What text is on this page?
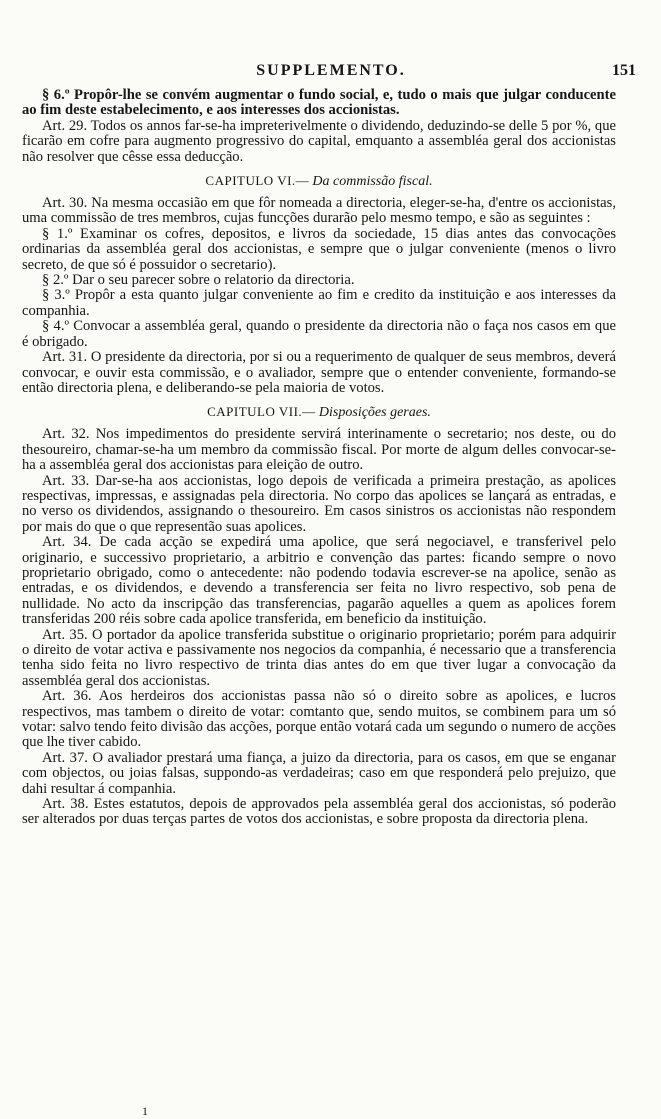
SUPPLEMENTO.	151

§ 6.º Propôr-lhe se convém augmentar o fundo social, e, tudo o mais que julgar conducente ao fim deste estabelecimento, e aos interesses dos accionistas.

Art. 29. Todos os annos far-se-ha impreterivelmente o dividendo, deduzindo-se delle 5 por %, que ficarão em cofre para augmento progressivo do capital, emquanto a assembléa geral dos accionistas não resolver que cêsse essa deducção.

CAPITULO VI.— Da commissão fiscal.

Art. 30. Na mesma occasião em que fôr nomeada a directoria, eleger-se-ha, d'entre os accionistas, uma commissão de tres membros, cujas funcções durarão pelo mesmo tempo, e são as seguintes :

§ 1.º Examinar os cofres, depositos, e livros da sociedade, 15 dias antes das convocações ordinarias da assembléa geral dos accionistas, e sempre que o julgar conveniente (menos o livro secreto, de que só é possuidor o secretario).

§ 2.º Dar o seu parecer sobre o relatorio da directoria.

§ 3.º Propôr a esta quanto julgar conveniente ao fim e credito da instituição e aos interesses da companhia.

§ 4.º Convocar a assembléa geral, quando o presidente da directoria não o faça nos casos em que é obrigado.

Art. 31. O presidente da directoria, por si ou a requerimento de qualquer de seus membros, deverá convocar, e ouvir esta commissão, e o avaliador, sempre que o entender conveniente, formando-se então directoria plena, e deliberando-se pela maioria de votos.

CAPITULO VII.— Disposições geraes.

Art. 32. Nos impedimentos do presidente servirá interinamente o secretario; nos deste, ou do thesoureiro, chamar-se-ha um membro da commissão fiscal. Por morte de algum delles convocar-se-ha a assembléa geral dos accionistas para eleição de outro.

Art. 33. Dar-se-ha aos accionistas, logo depois de verificada a primeira prestação, as apolices respectivas, impressas, e assignadas pela directoria. No corpo das apolices se lançará as entradas, e no verso os dividendos, assignando o thesoureiro. Em casos sinistros os accionistas não respondem por mais do que o que representão suas apolices.

Art. 34. De cada acção se expedirá uma apolice, que será negociavel, e transferivel pelo originario, e successivo proprietario, a arbitrio e convenção das partes: ficando sempre o novo proprietario obrigado, como o antecedente: não podendo todavia escrever-se na apolice, senão as entradas, e os dividendos, e devendo a transferencia ser feita no livro respectivo, sob pena de nullidade. No acto da inscripção das transferencias, pagarão aquelles a quem as apolices forem transferidas 200 réis sobre cada apolice transferida, em beneficio da instituição.

Art. 35. O portador da apolice transferida substitue o originario proprietario; porém para adquirir o direito de votar activa e passivamente nos negocios da companhia, é necessario que a transferencia tenha sido feita no livro respectivo de trinta dias antes do em que tiver lugar a convocação da assembléa geral dos accionistas.

Art. 36. Aos herdeiros dos accionistas passa não só o direito sobre as apolices, e lucros respectivos, mas tambem o direito de votar: comtanto que, sendo muitos, se combinem para um só votar: salvo tendo feito divisão das acções, porque então votará cada um segundo o numero de acções que lhe tiver cabido.

Art. 37. O avaliador prestará uma fiança, a juizo da directoria, para os casos, em que se enganar com objectos, ou joias falsas, suppondo-as verdadeiras; caso em que responderá pelo prejuizo, que dahi resultar á companhia.

Art. 38. Estes estatutos, depois de approvados pela assembléa geral dos accionistas, só poderão ser alterados por duas terças partes de votos dos accionistas, e sobre proposta da directoria plena.

1
